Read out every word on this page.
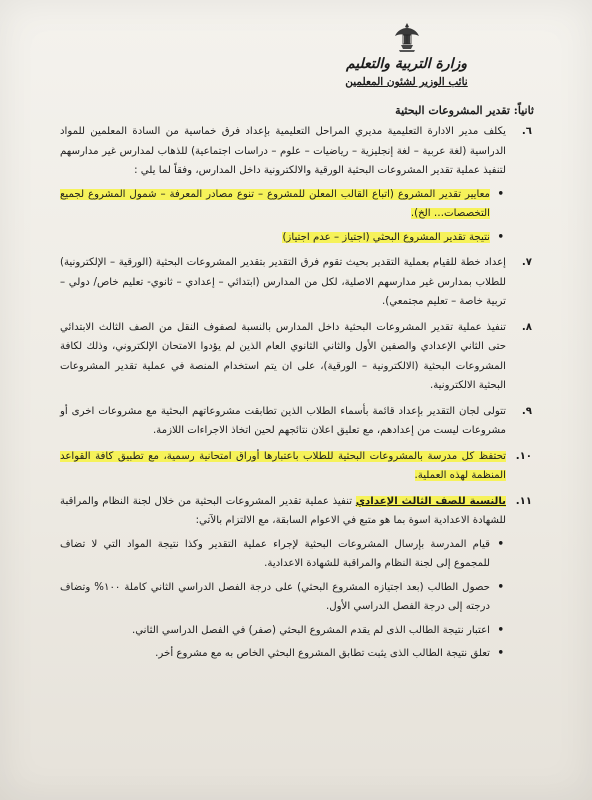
وزارة التربية والتعليم
نائب الوزير لشئون المعلمين
ثانياً: تقدير المشروعات البحثية
٦.

يكلف مدير الادارة التعليمية مديري المراحل التعليمية بإعداد فرق خماسية من السادة المعلمين للمواد الدراسية (لغة عربية – لغة إنجليزية – رياضيات – علوم – دراسات اجتماعية) للذهاب لمدارس غير مدارسهم لتنفيذ عملية تقدير المشروعات البحثية الورقية والالكترونية داخل المدارس، وفقاً لما يلي :

• معايير تقدير المشروع (اتباع القالب المعلن للمشروع – تنوع مصادر المعرفة – شمول المشروع لجميع التخصصات… الخ).
• نتيجة تقدير المشروع البحثي (اجتياز – عدم اجتياز)
٧.

إعداد خطة للقيام بعملية التقدير بحيث تقوم فرق التقدير بتقدير المشروعات البحثية (الورقية – الإلكترونية) للطلاب بمدارس غير مدارسهم الاصلية، لكل من المدارس (ابتدائي – إعدادي – ثانوي- تعليم خاص/ دولي – تربية خاصة – تعليم مجتمعي).

٨.

تنفيذ عملية تقدير المشروعات البحثية داخل المدارس بالنسبة لصفوف النقل من الصف الثالث الابتدائي حتى الثاني الإعدادي والصفين الأول والثاني الثانوي العام الذين لم يؤدوا الامتحان الإلكتروني، وذلك لكافة المشروعات البحثية (الالكترونية – الورقية)، على ان يتم استخدام المنصة في عملية تقدير المشروعات البحثية الالكترونية.

٩.

تتولى لجان التقدير بإعداد قائمة بأسماء الطلاب الذين تطابقت مشروعاتهم البحثية مع مشروعات اخرى أو مشروعات ليست من إعدادهم، مع تعليق اعلان نتائجهم لحين اتخاذ الاجراءات اللازمة.

١٠.

تحتفظ كل مدرسة بالمشروعات البحثية للطلاب باعتبارها أوراق امتحانية رسمية، مع تطبيق كافة القواعد المنظمة لهذه العملية.

١١.

بالنسبة للصف الثالث الإعدادي تنفيذ عملية تقدير المشروعات البحثية من خلال لجنة النظام والمراقبة للشهادة الاعدادية اسوة بما هو متبع في الاعوام السابقة، مع الالتزام بالآتي:

• قيام المدرسة بإرسال المشروعات البحثية لإجراء عملية التقدير وكذا نتيجة المواد التي لا تضاف للمجموع إلى لجنة النظام والمراقبة للشهادة الاعدادية.
• حصول الطالب (بعد اجتيازه المشروع البحثي) على درجة الفصل الدراسي الثاني كاملة ١٠٠% وتضاف درجته إلى درجة الفصل الدراسي الأول.
• اعتبار نتيجة الطالب الذى لم يقدم المشروع البحثي (صفر) في الفصل الدراسي الثاني.
• تعلق نتيجة الطالب الذى يثبت تطابق المشروع البحثي الخاص به مع مشروع أخر.
